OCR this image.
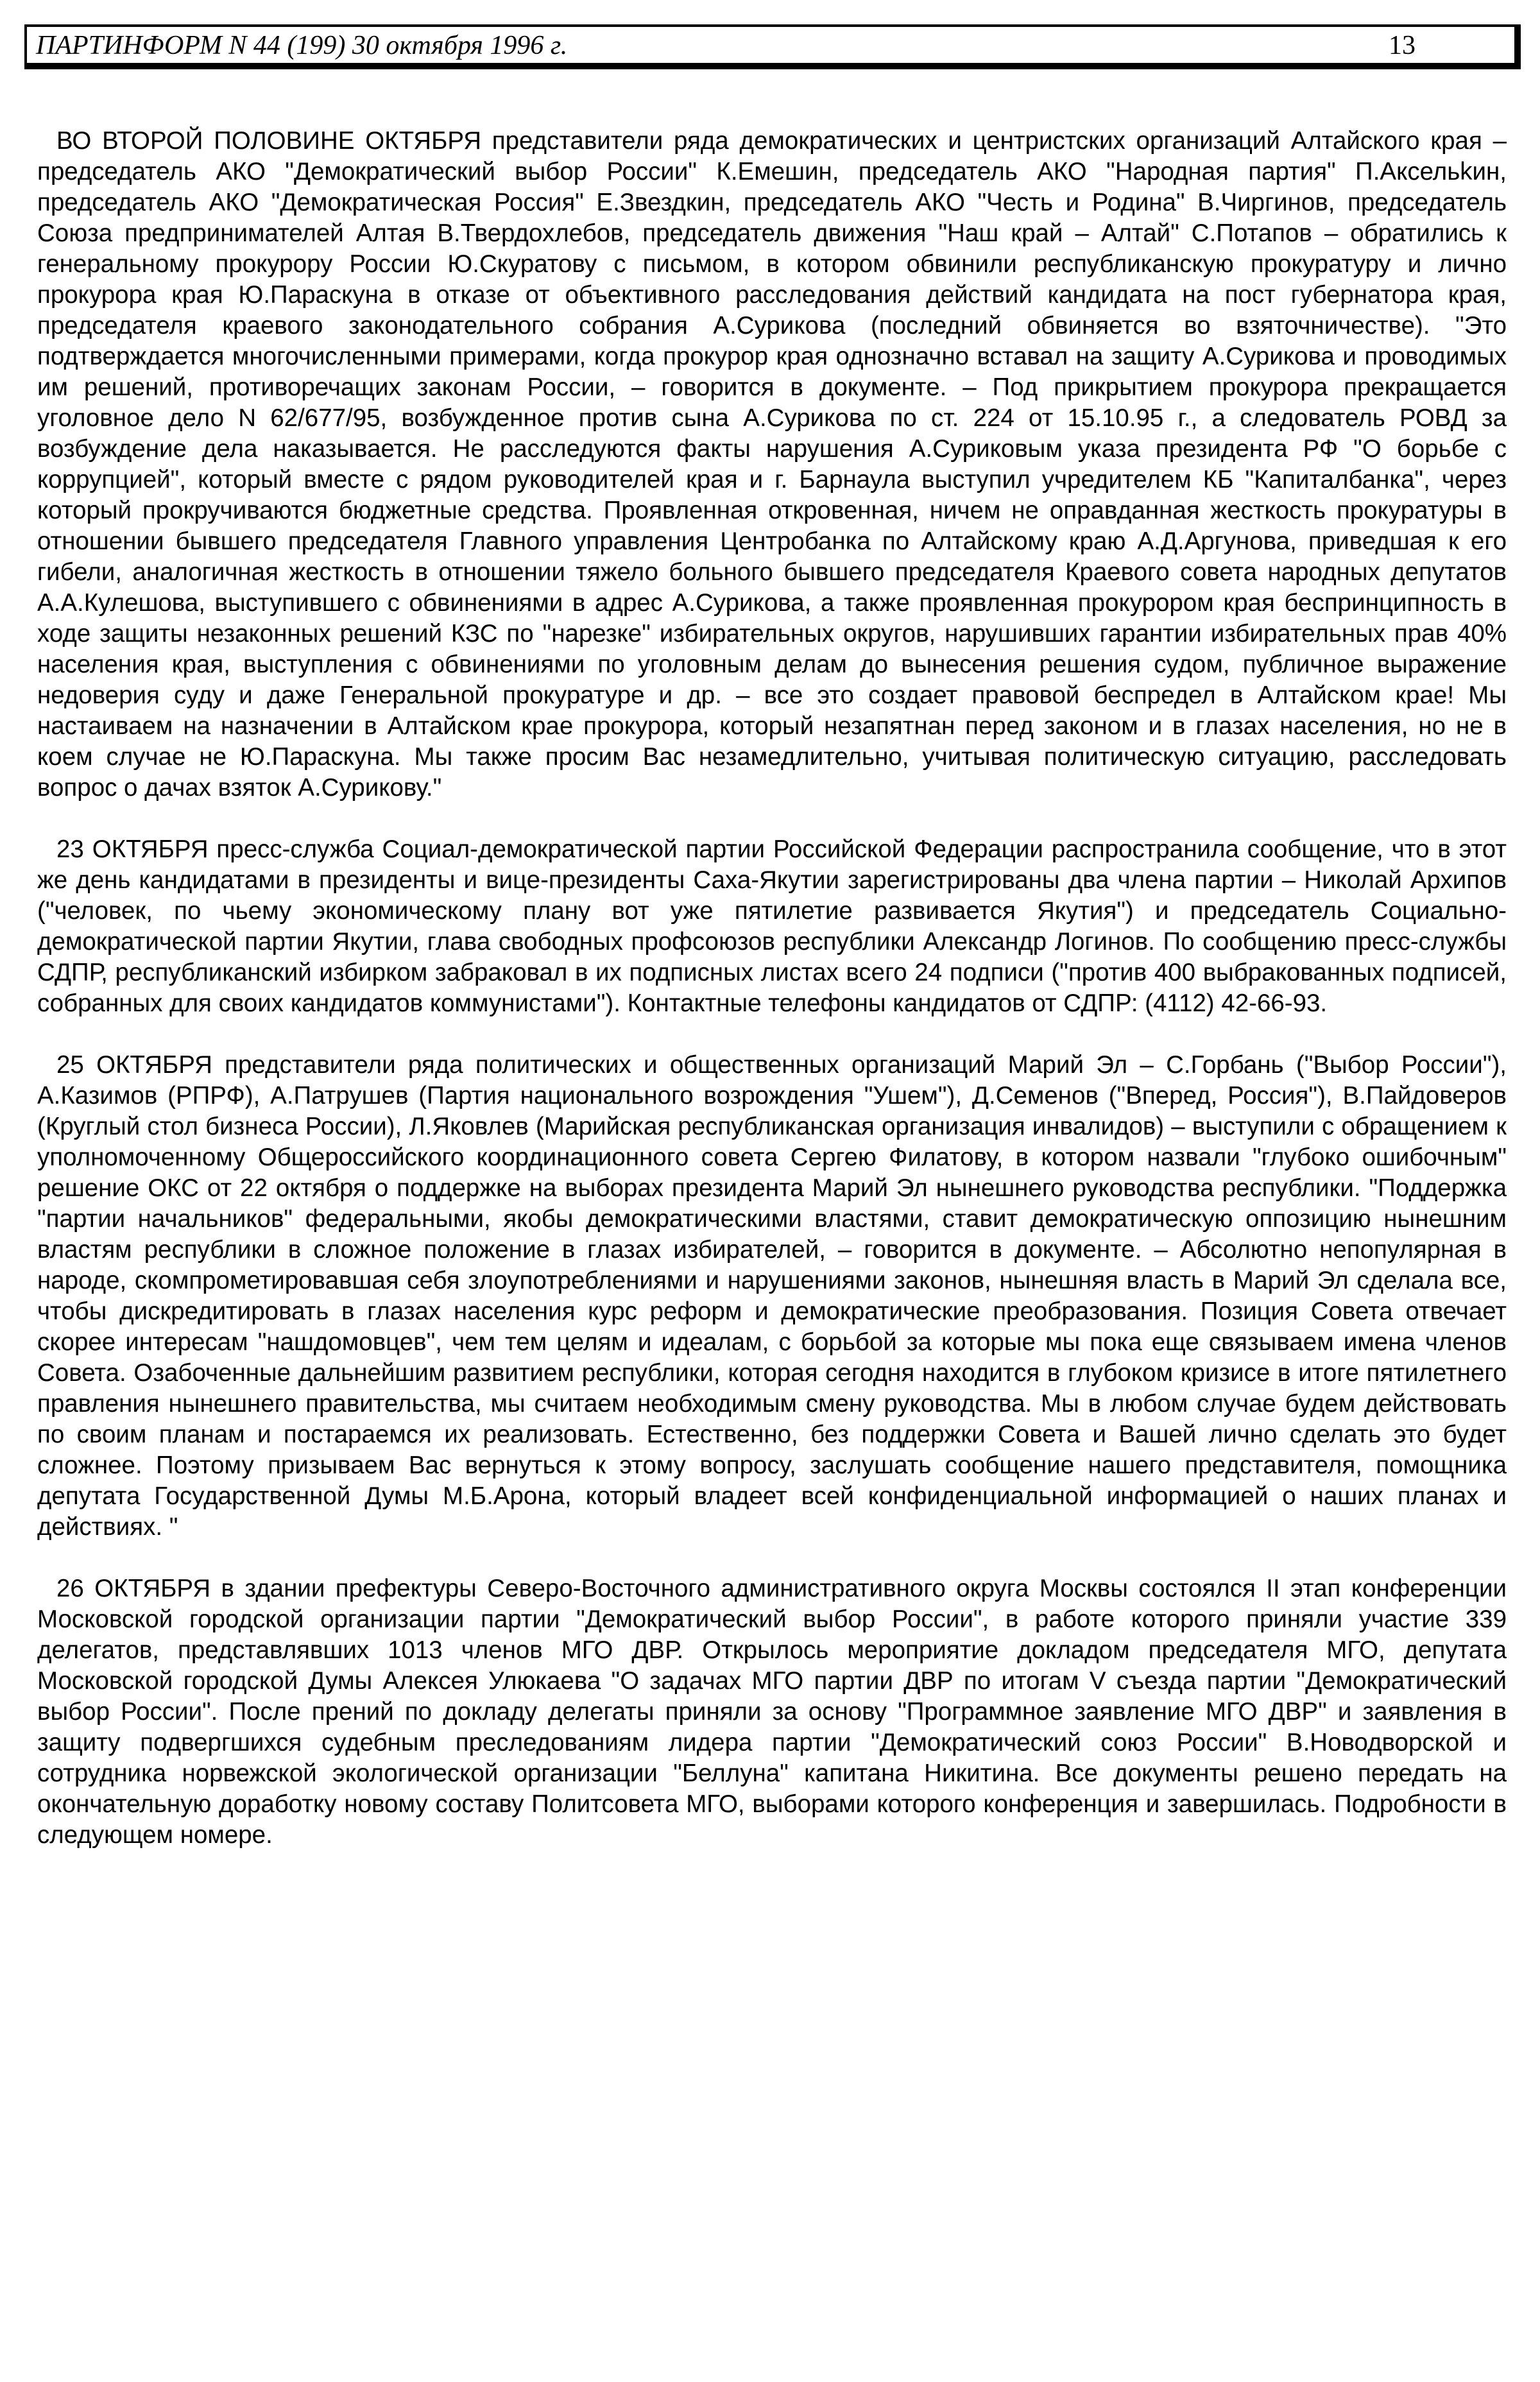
ПАРТИНФОРМ N 44 (199) 30 октября 1996 г.	13

ВО ВТОРОЙ ПОЛОВИНЕ ОКТЯБРЯ представители ряда демократических и центристских организаций Алтайского края – председатель АКО "Демократический выбор России" К.Емешин, председатель АКО "Народная партия" П.Аксельkин, председатель АКО "Демократическая Россия" Е.Звездкин, председатель АКО "Честь и Родина" В.Чиргинов, председатель Союза предпринимателей Алтая В.Твердохлебов, председатель движения "Наш край – Алтай" С.Потапов – обратились к генеральному прокурору России Ю.Скуратову с письмом, в котором обвинили республиканскую прокуратуру и лично прокурора края Ю.Параскуна в отказе от объективного расследования действий кандидата на пост губернатора края, председателя краевого законодательного собрания А.Сурикова (последний обвиняется во взяточничестве). "Это подтверждается многочисленными примерами, когда прокурор края однозначно вставал на защиту А.Сурикова и проводимых им решений, противоречащих законам России, – говорится в документе. – Под прикрытием прокурора прекращается уголовное дело N 62/677/95, возбужденное против сына А.Сурикова по ст. 224 от 15.10.95 г., а следователь РОВД за возбуждение дела наказывается. Не расследуются факты нарушения А.Суриковым указа президента РФ "О борьбе с коррупцией", который вместе с рядом руководителей края и г. Барнаула выступил учредителем КБ "Капиталбанка", через который прокручиваются бюджетные средства. Проявленная откровенная, ничем не оправданная жесткость прокуратуры в отношении бывшего председателя Главного управления Центробанка по Алтайскому краю А.Д.Аргунова, приведшая к его гибели, аналогичная жесткость в отношении тяжело больного бывшего председателя Краевого совета народных депутатов А.А.Кулешова, выступившего с обвинениями в адрес А.Сурикова, а также проявленная прокурором края беспринципность в ходе защиты незаконных решений КЗС по "нарезке" избирательных округов, нарушивших гарантии избирательных прав 40% населения края, выступления с обвинениями по уголовным делам до вынесения решения судом, публичное выражение недоверия суду и даже Генеральной прокуратуре и др. – все это создает правовой беспредел в Алтайском крае! Мы настаиваем на назначении в Алтайском крае прокурора, который незапятнан перед законом и в глазах населения, но не в коем случае не Ю.Параскуна. Мы также просим Вас незамедлительно, учитывая политическую ситуацию, расследовать вопрос о дачах взяток А.Сурикову."

23 ОКТЯБРЯ пресс-служба Социал-демократической партии Российской Федерации распространила сообщение, что в этот же день кандидатами в президенты и вице-президенты Саха-Якутии зарегистрированы два члена партии – Николай Архипов ("человек, по чьему экономическому плану вот уже пятилетие развивается Якутия") и председатель Социально-демократической партии Якутии, глава свободных профсоюзов республики Александр Логинов. По сообщению пресс-службы СДПР, республиканский избирком забраковал в их подписных листах всего 24 подписи ("против 400 выбракованных подписей, собранных для своих кандидатов коммунистами"). Контактные телефоны кандидатов от СДПР: (4112) 42-66-93.

25 ОКТЯБРЯ представители ряда политических и общественных организаций Марий Эл – С.Горбань ("Выбор России"), А.Казимов (РПРФ), А.Патрушев (Партия национального возрождения "Ушем"), Д.Семенов ("Вперед, Россия"), В.Пайдоверов (Круглый стол бизнеса России), Л.Яковлев (Марийская республиканская организация инвалидов) – выступили с обращением к уполномоченному Общероссийского координационного совета Сергею Филатову, в котором назвали "глубоко ошибочным" решение ОКС от 22 октября о поддержке на выборах президента Марий Эл нынешнего руководства республики. "Поддержка "партии начальников" федеральными, якобы демократическими властями, ставит демократическую оппозицию нынешним властям республики в сложное положение в глазах избирателей, – говорится в документе. – Абсолютно непопулярная в народе, скомпрометировавшая себя злоупотреблениями и нарушениями законов, нынешняя власть в Марий Эл сделала все, чтобы дискредитировать в глазах населения курс реформ и демократические преобразования. Позиция Совета отвечает скорее интересам "нашдомовцев", чем тем целям и идеалам, с борьбой за которые мы пока еще связываем имена членов Совета. Озабоченные дальнейшим развитием республики, которая сегодня находится в глубоком кризисе в итоге пятилетнего правления нынешнего правительства, мы считаем необходимым смену руководства. Мы в любом случае будем действовать по своим планам и постараемся их реализовать. Естественно, без поддержки Совета и Вашей лично сделать это будет сложнее. Поэтому призываем Вас вернуться к этому вопросу, заслушать сообщение нашего представителя, помощника депутата Государственной Думы М.Б.Арона, который владеет всей конфиденциальной информацией о наших планах и действиях. "

26 ОКТЯБРЯ в здании префектуры Северо-Восточного административного округа Москвы состоялся II этап конференции Московской городской организации партии "Демократический выбор России", в работе которого приняли участие 339 делегатов, представлявших 1013 членов МГО ДВР. Открылось мероприятие докладом председателя МГО, депутата Московской городской Думы Алексея Улюкаева "О задачах МГО партии ДВР по итогам V съезда партии "Демократический выбор России". После прений по докладу делегаты приняли за основу "Программное заявление МГО ДВР" и заявления в защиту подвергшихся судебным преследованиям лидера партии "Демократический союз России" В.Новодворской и сотрудника норвежской экологической организации "Беллуна" капитана Никитина. Все документы решено передать на окончательную доработку новому составу Политсовета МГО, выборами которого конференция и завершилась. Подробности в следующем номере.
